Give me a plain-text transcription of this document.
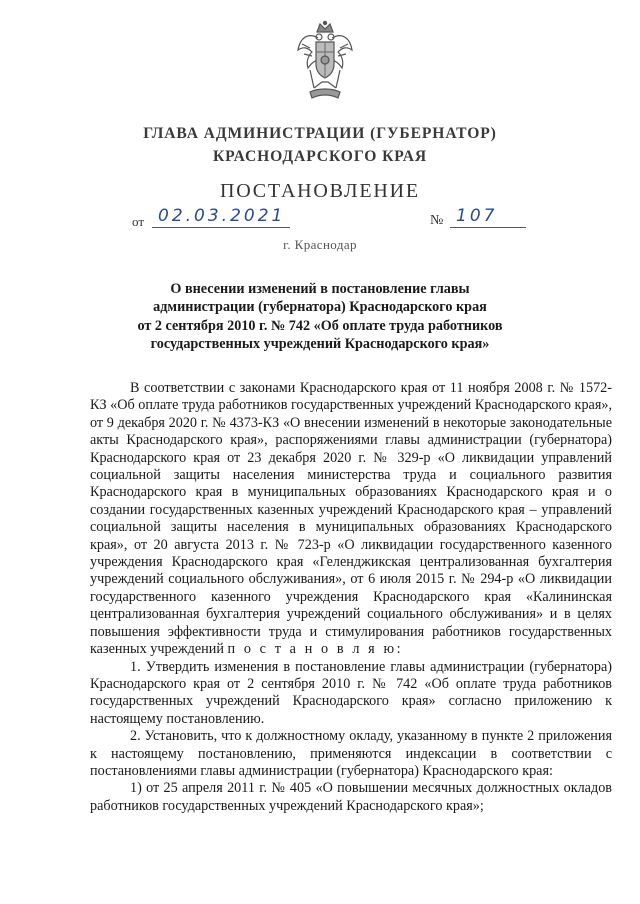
ГЛАВА АДМИНИСТРАЦИИ (ГУБЕРНАТОР)
КРАСНОДАРСКОГО КРАЯ
ПОСТАНОВЛЕНИЕ
от 02.03.2021	№ 107
г. Краснодар
О внесении изменений в постановление главы
администрации (губернатора) Краснодарского края
от 2 сентября 2010 г. № 742 «Об оплате труда работников
государственных учреждений Краснодарского края»

В соответствии с законами Краснодарского края от 11 ноября 2008 г. № 1572-КЗ «Об оплате труда работников государственных учреждений Краснодарского края», от 9 декабря 2020 г. № 4373-КЗ «О внесении изменений в некоторые законодательные акты Краснодарского края», распоряжениями главы администрации (губернатора) Краснодарского края от 23 декабря 2020 г. № 329-р «О ликвидации управлений социальной защиты населения министерства труда и социального развития Краснодарского края в муниципальных образованиях Краснодарского края и о создании государственных казенных учреждений Краснодарского края – управлений социальной защиты населения в муниципальных образованиях Краснодарского края», от 20 августа 2013 г. № 723-р «О ликвидации государственного казенного учреждения Краснодарского края «Геленджикская централизованная бухгалтерия учреждений социального обслуживания», от 6 июля 2015 г. № 294-р «О ликвидации государственного казенного учреждения Краснодарского края «Калининская централизованная бухгалтерия учреждений социального обслуживания» и в целях повышения эффективности труда и стимулирования работников государственных казенных учреждений п о с т а н о в л я ю:

1. Утвердить изменения в постановление главы администрации (губернатора) Краснодарского края от 2 сентября 2010 г. № 742 «Об оплате труда работников государственных учреждений Краснодарского края» согласно приложению к настоящему постановлению.

2. Установить, что к должностному окладу, указанному в пункте 2 приложения к настоящему постановлению, применяются индексации в соответствии с постановлениями главы администрации (губернатора) Краснодарского края:

1) от 25 апреля 2011 г. № 405 «О повышении месячных должностных окладов работников государственных учреждений Краснодарского края»;
